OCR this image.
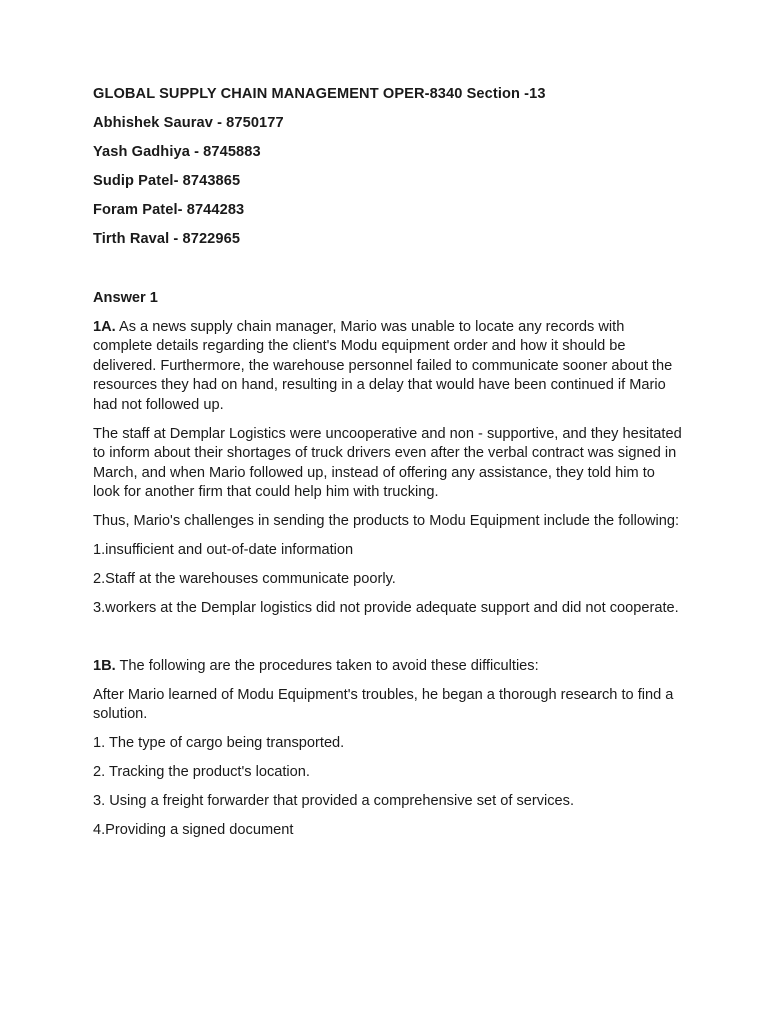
GLOBAL SUPPLY CHAIN MANAGEMENT OPER-8340 Section -13
Abhishek Saurav - 8750177
Yash Gadhiya - 8745883
Sudip Patel- 8743865
Foram Patel- 8744283
Tirth Raval - 8722965
Answer 1

1A. As a news supply chain manager, Mario was unable to locate any records with complete details regarding the client's Modu equipment order and how it should be delivered. Furthermore, the warehouse personnel failed to communicate sooner about the resources they had on hand, resulting in a delay that would have been continued if Mario had not followed up.

The staff at Demplar Logistics were uncooperative and non - supportive, and they hesitated to inform about their shortages of truck drivers even after the verbal contract was signed in March, and when Mario followed up, instead of offering any assistance, they told him to look for another firm that could help him with trucking.

Thus, Mario's challenges in sending the products to Modu Equipment include the following:

1.insufficient and out-of-date information

2.Staff at the warehouses communicate poorly.

3.workers at the Demplar logistics did not provide adequate support and did not cooperate.

1B. The following are the procedures taken to avoid these difficulties:

After Mario learned of Modu Equipment's troubles, he began a thorough research to find a solution.

1. The type of cargo being transported.

2. Tracking the product's location.

3. Using a freight forwarder that provided a comprehensive set of services.

4.Providing a signed document
